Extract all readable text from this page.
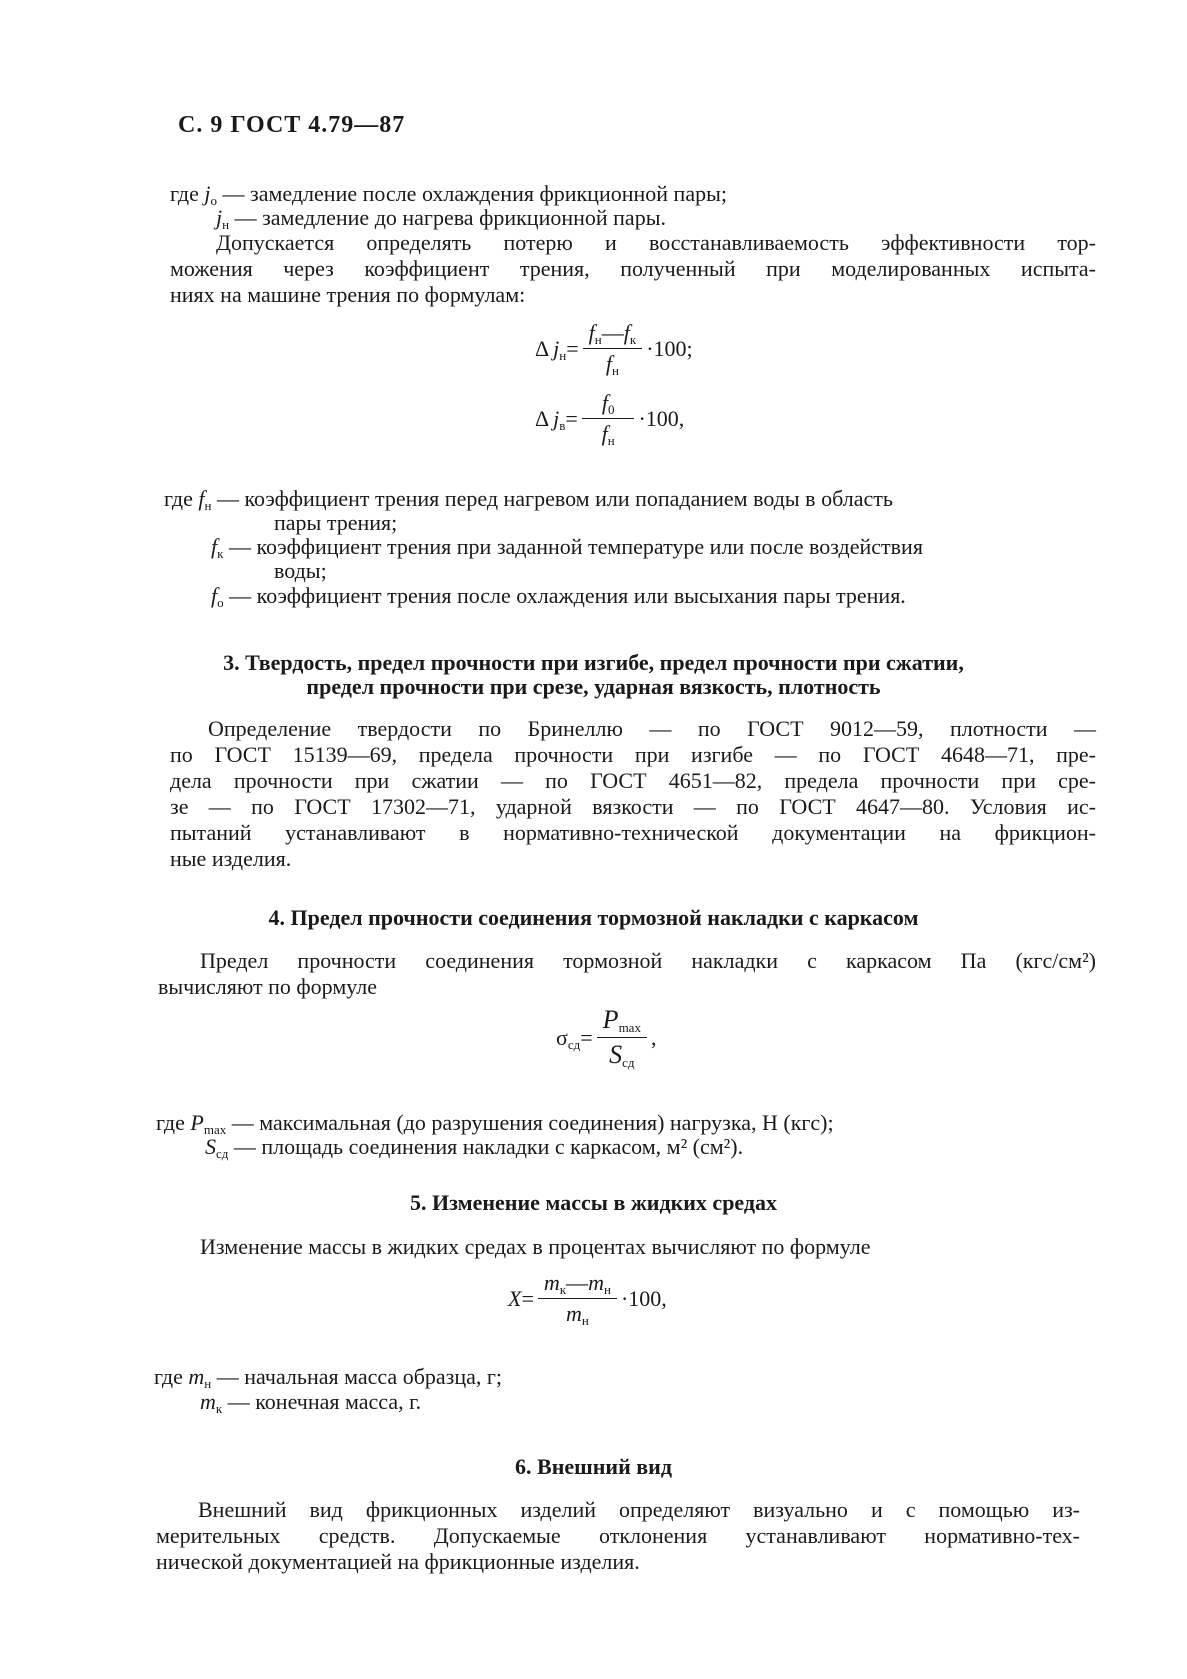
С. 9 ГОСТ 4.79—87
где $j_о$ — замедление после охлаждения фрикционной пары;
$j_н$ — замедление до нагрева фрикционной пары.
Допускается определять потерю и восстанавливаемость эффективности тор-
можения через коэффициент трения, полученный при моделированных испыта-
ниях на машине трения по формулам:
Δ $j_н= \frac{f_н—f_к}{f_н} \cdot 100$;
Δ $j_в= \frac{f_0}{f_н} \cdot 100$,
где $f_н$ — коэффициент трения перед нагревом или попаданием воды в область
пары трения;
$f_к$ — коэффициент трения при заданной температуре или после воздействия
воды;
$f_о$ — коэффициент трения после охлаждения или высыхания пары трения.
3. Твердость, предел прочности при изгибе, предел прочности при сжатии,
предел прочности при срезе, ударная вязкость, плотность
Определение твердости по Бринеллю — по ГОСТ 9012—59, плотности —
по ГОСТ 15139—69, предела прочности при изгибе — по ГОСТ 4648—71, пре-
дела прочности при сжатии — по ГОСТ 4651—82, предела прочности при сре-
зе — по ГОСТ 17302—71, ударной вязкости — по ГОСТ 4647—80. Условия ис-
пытаний устанавливают в нормативно-технической документации на фрикцион-
ные изделия.
4. Предел прочности соединения тормозной накладки с каркасом
Предел прочности соединения тормозной накладки с каркасом Па (кгс/см²)
вычисляют по формуле
$\sigma_{сд}= \frac{P_{max}}{S_{сд}}$ ,
где $P_{max}$ — максимальная (до разрушения соединения) нагрузка, Н (кгс);
$S_{сд}$ — площадь соединения накладки с каркасом, м² (см²).
5. Изменение массы в жидких средах
Изменение массы в жидких средах в процентах вычисляют по формуле
$X= \frac{m_к—m_н}{m_н} \cdot 100$,
где $m_н$ — начальная масса образца, г;
$m_к$ — конечная масса, г.
6. Внешний вид
Внешний вид фрикционных изделий определяют визуально и с помощью из-
мерительных средств. Допускаемые отклонения устанавливают нормативно-тех-
нической документацией на фрикционные изделия.
